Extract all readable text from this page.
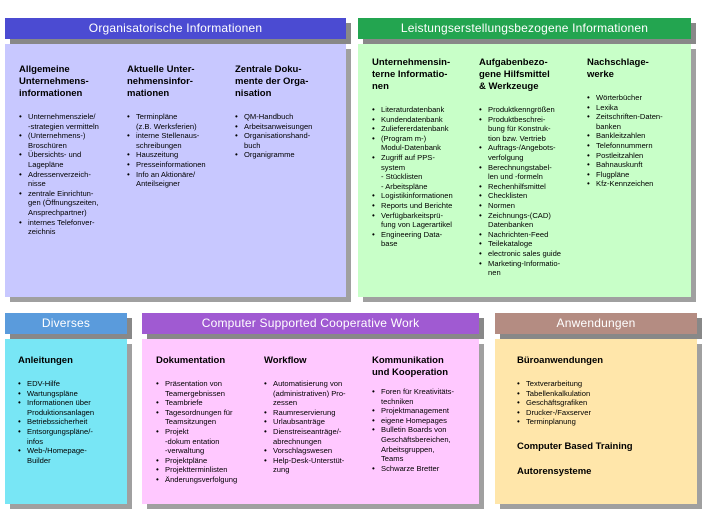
Organisatorische Informationen
Allgemeine
Unternehmens-
informationen
• Unternehmensziele/
-strategien vermitteln
• (Unternehmens-)
Broschüren
• Übersichts- und
Lagepläne
• Adressenverzeich-
nisse
• zentrale Einrichtun-
gen (Öffnungszeiten,
Ansprechpartner)
• internes Telefonver-
zeichnis
Aktuelle Unter-
nehmensinfor-
mationen
• Terminpläne
(z.B. Werksferien)
• interne Stellenaus-
schreibungen
• Hauszeitung
• Presseinformationen
• Info an Aktionäre/
Anteilseigner
Zentrale Doku-
mente der Orga-
nisation
• QM-Handbuch
• Arbeitsanweisungen
• Organisationshand-
buch
• Organigramme
Leistungserstellungsbezogene Informationen
Unternehmensin-
terne Informatio-
nen
• Literaturdatenbank
• Kundendatenbank
• Zuliefererdatenbank
• (Program m-)
Modul-Datenbank
• Zugriff auf PPS-
system
- Stücklisten
- Arbeitspläne
• Logistikinformationen
• Reports und Berichte
• Verfügbarkeitsprü-
fung von Lagerartikel
• Engineering Data-
base
Aufgabenbezo-
gene Hilfsmittel
& Werkzeuge
• Produktkenngrößen
• Produktbeschrei-
bung für Konstruk-
tion bzw. Vertrieb
• Auftrags-/Angebots-
verfolgung
• Berechnungstabel-
len und -formeln
• Rechenhilfsmittel
• Checklisten
• Normen
• Zeichnungs-(CAD)
Datenbanken
• Nachrichten-Feed
• Teilekataloge
• electronic sales guide
• Marketing-Informatio-
nen
Nachschlage-
werke
• Wörterbücher
• Lexika
• Zeitschriften-Daten-
banken
• Bankleitzahlen
• Telefonnummern
• Postleitzahlen
• Bahnauskunft
• Flugpläne
• Kfz-Kennzeichen
Diverses
Anleitungen
• EDV-Hilfe
• Wartungspläne
• Informationen über
Produktionsanlagen
• Betriebssicherheit
• Entsorgungspläne/-
infos
• Web-/Homepage-
Builder
Computer Supported Cooperative Work
Dokumentation
• Präsentation von
Teamergebnissen
• Teambriefe
• Tagesordnungen für
Teamsitzungen
• Projekt
-dokum entation
-verwaltung
• Projektpläne
• Projektterminlisten
• Änderungsverfolgung
Workflow
• Automatisierung von
(administrativen) Pro-
zessen
• Raumreservierung
• Urlaubsanträge
• Dienstreiseanträge/-
abrechnungen
• Vorschlagswesen
• Help-Desk-Unterstüt-
zung
Kommunikation
und Kooperation
• Foren für Kreativitäts-
techniken
• Projektmanagement
• eigene Homepages
• Bulletin Boards von
Geschäftsbereichen,
Arbeitsgruppen,
Teams
• Schwarze Bretter
Anwendungen
Büroanwendungen
• Textverarbeitung
• Tabellenkalkulation
• Geschäftsgrafiken
• Drucker-/Faxserver
• Terminplanung
Computer Based Training
Autorensysteme
